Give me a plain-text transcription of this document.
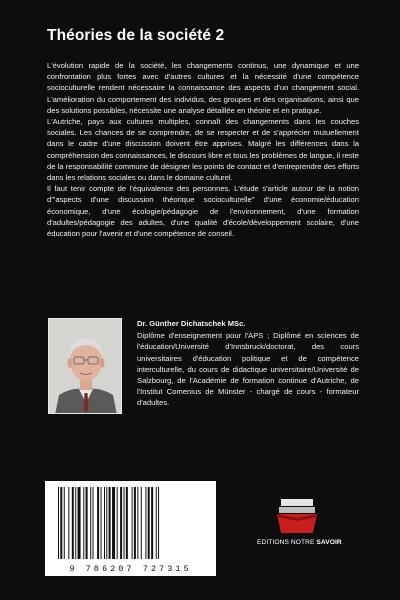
Théories de la société 2

L'évolution rapide de la société, les changements continus, une dynamique et une confrontation plus fortes avec d'autres cultures et la nécessité d'une compétence socioculturelle rendent nécessaire la connaissance des aspects d'un changement social. L'amélioration du comportement des individus, des groupes et des organisations, ainsi que des solutions possibles, nécessite une analyse détaillée en théorie et en pratique.

L'Autriche, pays aux cultures multiples, connaît des changements dans les couches sociales. Les chances de se comprendre, de se respecter et de s'apprécier mutuellement dans le cadre d'une discussion doivent être apprises. Malgré les différences dans la compréhension des connaissances, le discours libre et tous les problèmes de langue, il reste de la responsabilité commune de désigner les points de contact et d'entreprendre des efforts dans les relations sociales ou dans le domaine culturel.

Il faut tenir compte de l'équivalence des personnes. L'étude s'article autour de la notion d'"aspects d'une discussion théorique socioculturelle" d'une économie/éducation économique, d'une écologie/pédagogie de l'environnement, d'une formation d'adultes/pédagogie des adultes, d'une qualité d'école/développement scolaire, d'une éducation pour l'avenir et d'une compétence de conseil.

Dr. Günther Dichatschek MSc.
Diplôme d'enseignement pour l'APS ; Diplômé en sciences de l'éducation/Université d'Innsbruck/doctorat, des cours universitaires d'éducation politique et de compétence interculturelle, du cours de didactique universitaire/Université de Salzbourg, de l'Académie de formation continue d'Autriche, de l'Institut Comenius de Münster - chargé de cours - formateur d'adultes.
9 786207 727315
EDITIONS NOTRE SAVOIR
